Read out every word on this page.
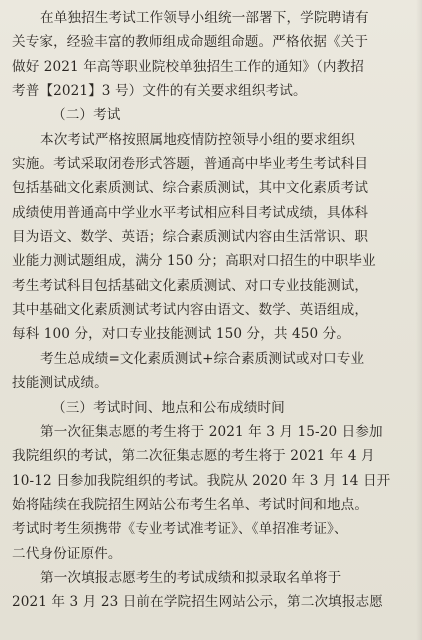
在单独招生考试工作领导小组统一部署下，学院聘请有
关专家，经验丰富的教师组成命题组命题。严格依据《关于
做好 2021 年高等职业院校单独招生工作的通知》（内教招
考普【2021】3 号）文件的有关要求组织考试。
（二）考试
本次考试严格按照属地疫情防控领导小组的要求组织
实施。考试采取闭卷形式答题，普通高中毕业考生考试科目
包括基础文化素质测试、综合素质测试，其中文化素质考试
成绩使用普通高中学业水平考试相应科目考试成绩，具体科
目为语文、数学、英语；综合素质测试内容由生活常识、职
业能力测试题组成，满分 150 分；高职对口招生的中职毕业
考生考试科目包括基础文化素质测试、对口专业技能测试，
其中基础文化素质测试考试内容由语文、数学、英语组成，
每科 100 分，对口专业技能测试 150 分，共 450 分。
考生总成绩=文化素质测试+综合素质测试或对口专业
技能测试成绩。
（三）考试时间、地点和公布成绩时间
第一次征集志愿的考生将于 2021 年 3 月 15-20 日参加
我院组织的考试，第二次征集志愿的考生将于 2021 年 4 月
10-12 日参加我院组织的考试。我院从 2020 年 3 月 14 日开
始将陆续在我院招生网站公布考生名单、考试时间和地点。
考试时考生须携带《专业考试准考证》、《单招准考证》、
二代身份证原件。
第一次填报志愿考生的考试成绩和拟录取名单将于
2021 年 3 月 23 日前在学院招生网站公示，第二次填报志愿
